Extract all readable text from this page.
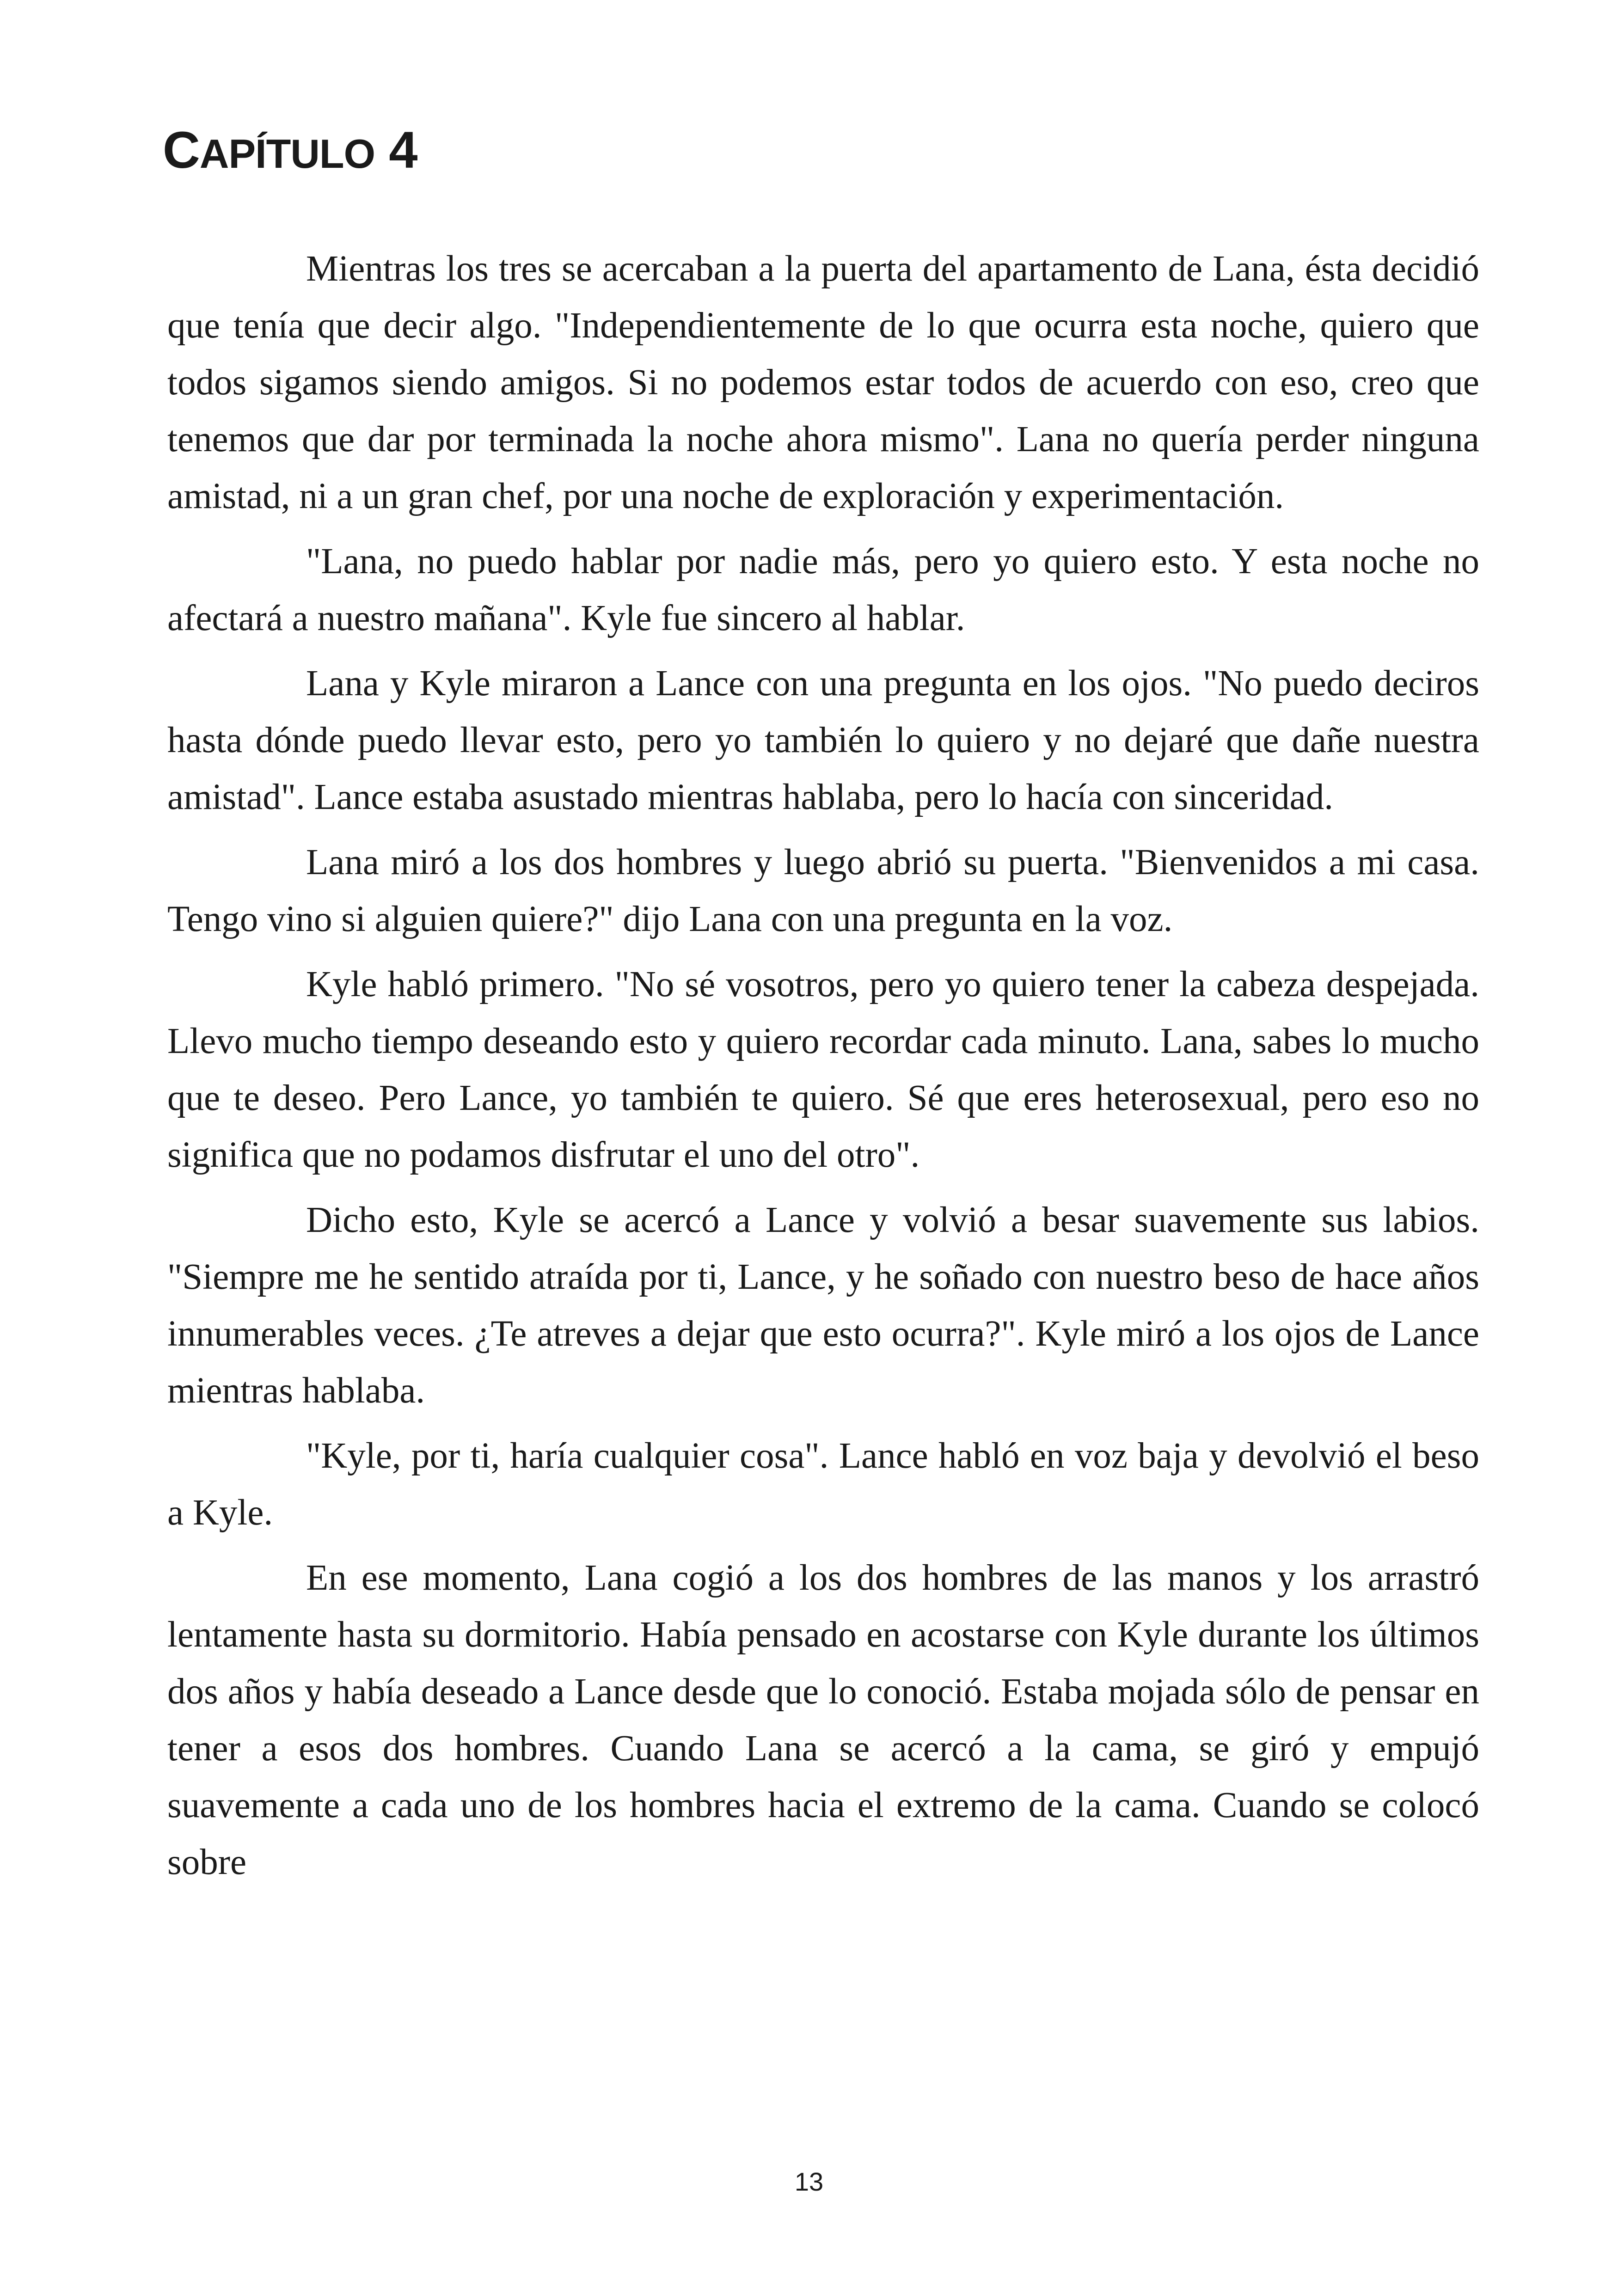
CAPÍTULO 4

Mientras los tres se acercaban a la puerta del apartamento de Lana, ésta decidió que tenía que decir algo. "Independientemente de lo que ocurra esta noche, quiero que todos sigamos siendo amigos. Si no podemos estar todos de acuerdo con eso, creo que tenemos que dar por terminada la noche ahora mismo". Lana no quería perder ninguna amistad, ni a un gran chef, por una noche de exploración y experimentación.

"Lana, no puedo hablar por nadie más, pero yo quiero esto. Y esta noche no afectará a nuestro mañana". Kyle fue sincero al hablar.

Lana y Kyle miraron a Lance con una pregunta en los ojos. "No puedo deciros hasta dónde puedo llevar esto, pero yo también lo quiero y no dejaré que dañe nuestra amistad". Lance estaba asustado mientras hablaba, pero lo hacía con sinceridad.

Lana miró a los dos hombres y luego abrió su puerta. "Bienvenidos a mi casa. Tengo vino si alguien quiere?" dijo Lana con una pregunta en la voz.

Kyle habló primero. "No sé vosotros, pero yo quiero tener la cabeza despejada. Llevo mucho tiempo deseando esto y quiero recordar cada minuto. Lana, sabes lo mucho que te deseo. Pero Lance, yo también te quiero. Sé que eres heterosexual, pero eso no significa que no podamos disfrutar el uno del otro".

Dicho esto, Kyle se acercó a Lance y volvió a besar suavemente sus labios. "Siempre me he sentido atraída por ti, Lance, y he soñado con nuestro beso de hace años innumerables veces. ¿Te atreves a dejar que esto ocurra?". Kyle miró a los ojos de Lance mientras hablaba.

"Kyle, por ti, haría cualquier cosa". Lance habló en voz baja y devolvió el beso a Kyle.

En ese momento, Lana cogió a los dos hombres de las manos y los arrastró lentamente hasta su dormitorio. Había pensado en acostarse con Kyle durante los últimos dos años y había deseado a Lance desde que lo conoció. Estaba mojada sólo de pensar en tener a esos dos hombres. Cuando Lana se acercó a la cama, se giró y empujó suavemente a cada uno de los hombres hacia el extremo de la cama. Cuando se colocó sobre

13
